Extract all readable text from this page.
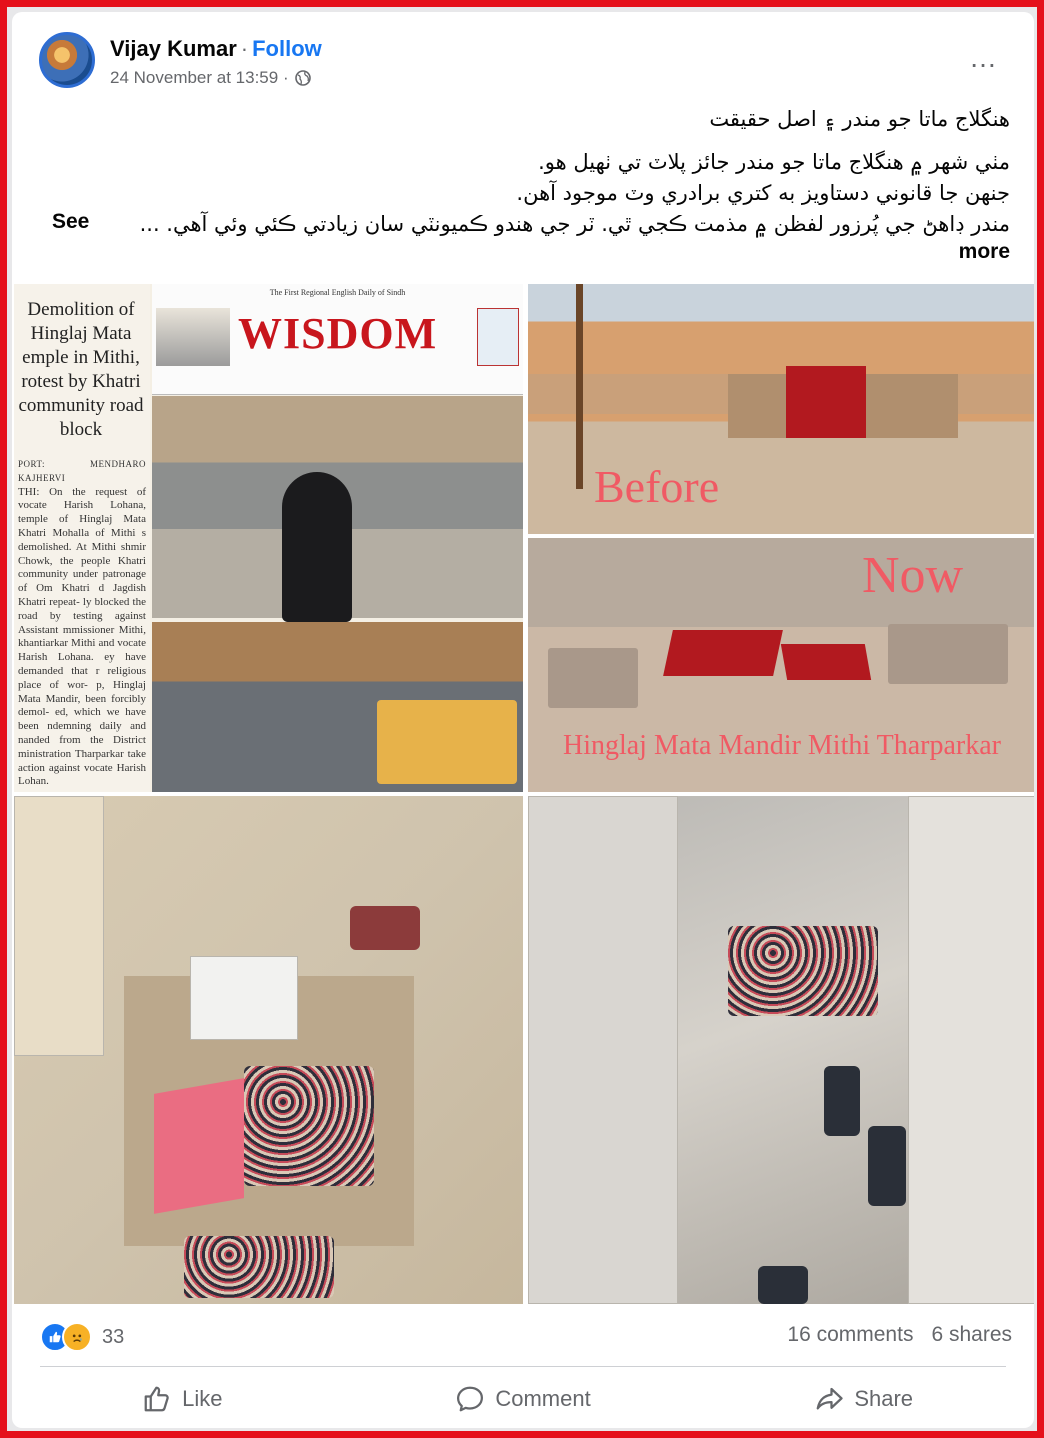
Vijay Kumar · Follow
24 November at 13:59 ·
…

هنگلاج ماتا جو مندر ۽ اصل حقيقت

مٺي شهر ۾ هنگلاج ماتا جو مندر جائز پلاٽ تي ٺهيل هو.

جنهن جا قانوني دستاويز به کتري برادري وٽ موجود آهن.

مندر ڊاهڻ جي پُرزور لفظن ۾ مذمت ڪجي ٿي. ٽر جي هندو ڪميونٽي سان زيادتي ڪئي وئي آهي. ...

See
more
Demolition of Hinglaj Mata emple in Mithi, rotest by Khatri community road block
PORT: MENDHARO KAJHERVI
THI: On the request of vocate Harish Lohana, temple of Hinglaj Mata Khatri Mohalla of Mithi s demolished. At Mithi shmir Chowk, the people Khatri community under patronage of Om Khatri d Jagdish Khatri repeat- ly blocked the road by testing against Assistant mmissioner Mithi, khantiarkar Mithi and vocate Harish Lohana. ey have demanded that r religious place of wor- p, Hinglaj Mata Mandir, been forcibly demol- ed, which we have been ndemning daily and nanded from the District ministration Tharparkar take action against vocate Harish Lohan.
The First Regional English Daily of Sindh
WISDOM
Before
Now
Hinglaj Mata Mandir Mithi Tharparkar
33	16 comments 6 shares
Like	Comment	Share
